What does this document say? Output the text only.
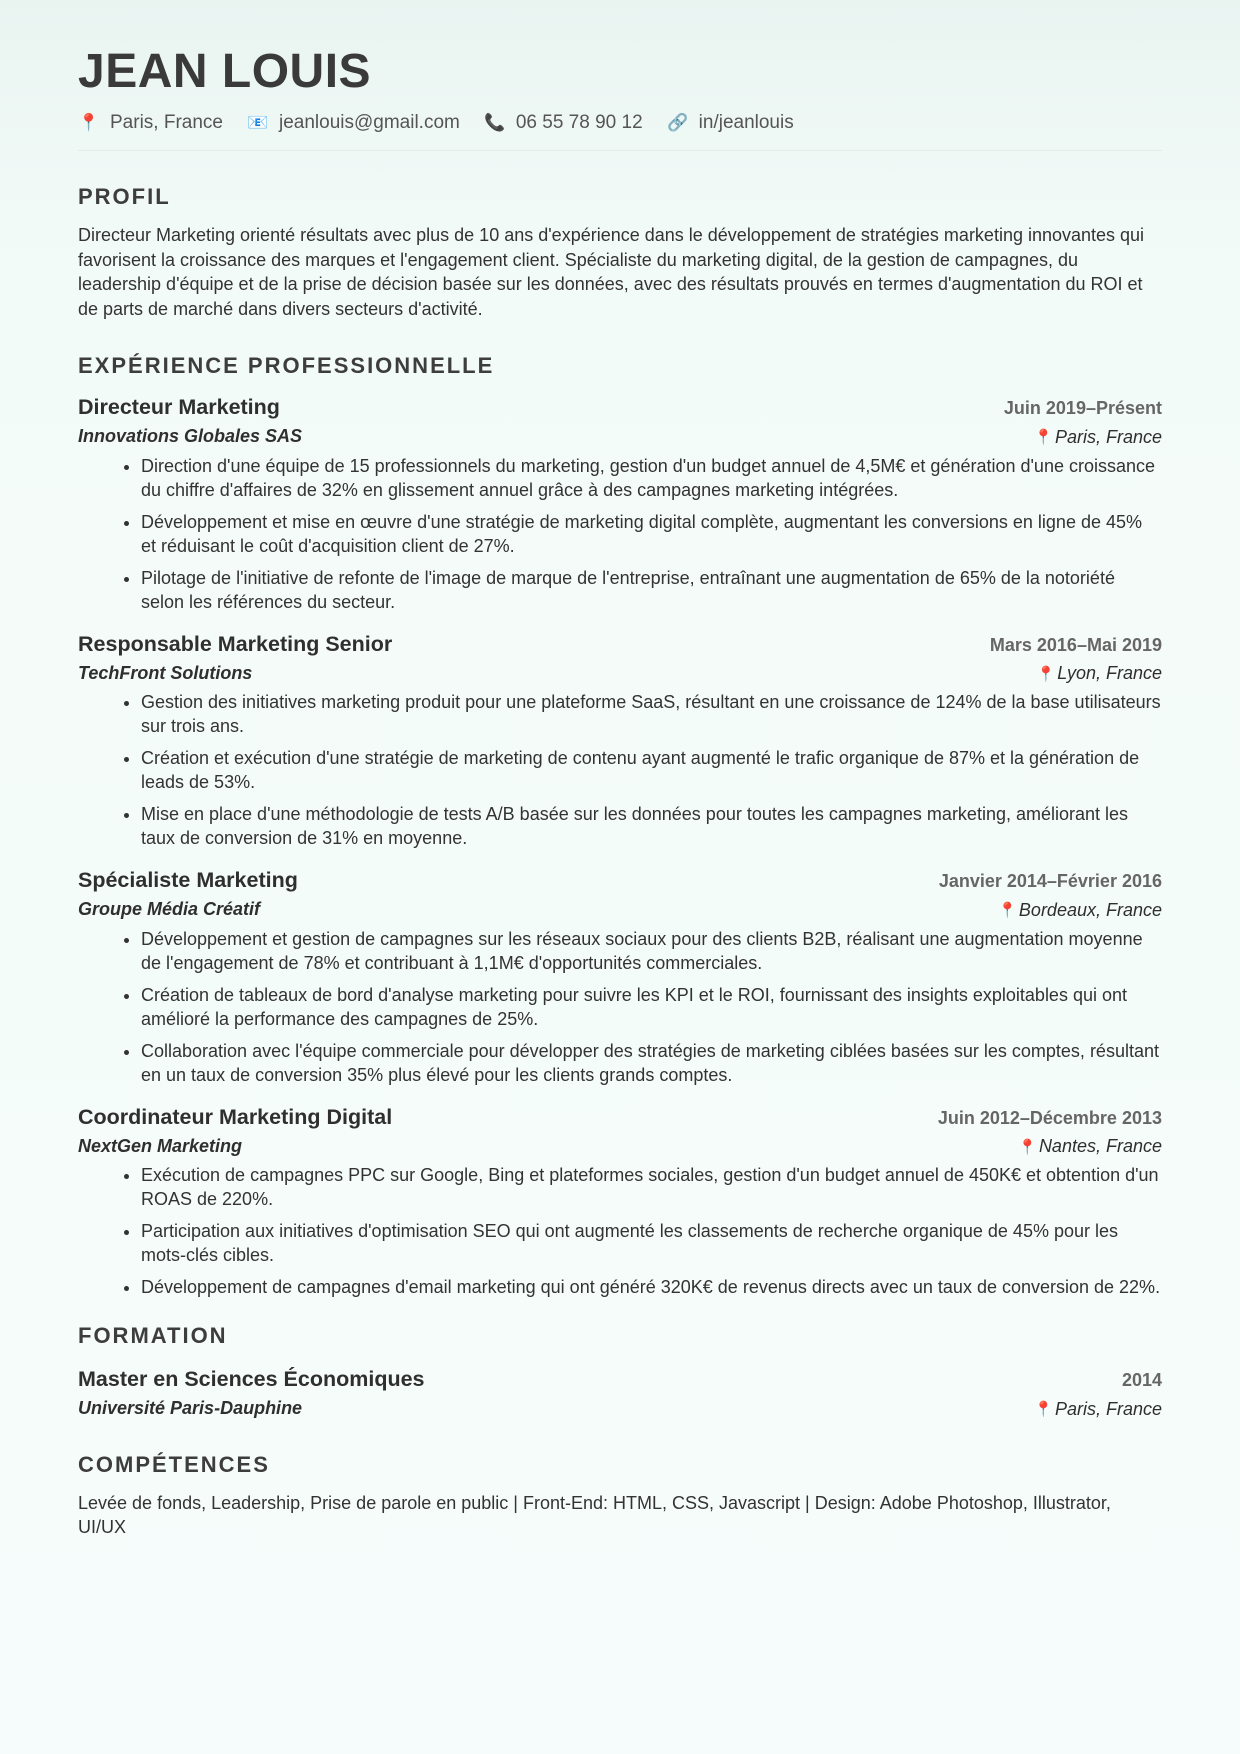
JEAN LOUIS
📍 Paris, France 📧 jeanlouis@gmail.com 📞 06 55 78 90 12 🔗 in/jeanlouis
PROFIL
Directeur Marketing orienté résultats avec plus de 10 ans d'expérience dans le développement de stratégies marketing innovantes qui favorisent la croissance des marques et l'engagement client. Spécialiste du marketing digital, de la gestion de campagnes, du leadership d'équipe et de la prise de décision basée sur les données, avec des résultats prouvés en termes d'augmentation du ROI et de parts de marché dans divers secteurs d'activité.
EXPÉRIENCE PROFESSIONNELLE
Directeur Marketing	Juin 2019–Présent
Innovations Globales SAS	📍 Paris, France
• Direction d'une équipe de 15 professionnels du marketing, gestion d'un budget annuel de 4,5M€ et génération d'une croissance du chiffre d'affaires de 32% en glissement annuel grâce à des campagnes marketing intégrées.
• Développement et mise en œuvre d'une stratégie de marketing digital complète, augmentant les conversions en ligne de 45% et réduisant le coût d'acquisition client de 27%.
• Pilotage de l'initiative de refonte de l'image de marque de l'entreprise, entraînant une augmentation de 65% de la notoriété selon les références du secteur.
Responsable Marketing Senior	Mars 2016–Mai 2019
TechFront Solutions	📍 Lyon, France
• Gestion des initiatives marketing produit pour une plateforme SaaS, résultant en une croissance de 124% de la base utilisateurs sur trois ans.
• Création et exécution d'une stratégie de marketing de contenu ayant augmenté le trafic organique de 87% et la génération de leads de 53%.
• Mise en place d'une méthodologie de tests A/B basée sur les données pour toutes les campagnes marketing, améliorant les taux de conversion de 31% en moyenne.
Spécialiste Marketing	Janvier 2014–Février 2016
Groupe Média Créatif	📍 Bordeaux, France
• Développement et gestion de campagnes sur les réseaux sociaux pour des clients B2B, réalisant une augmentation moyenne de l'engagement de 78% et contribuant à 1,1M€ d'opportunités commerciales.
• Création de tableaux de bord d'analyse marketing pour suivre les KPI et le ROI, fournissant des insights exploitables qui ont amélioré la performance des campagnes de 25%.
• Collaboration avec l'équipe commerciale pour développer des stratégies de marketing ciblées basées sur les comptes, résultant en un taux de conversion 35% plus élevé pour les clients grands comptes.
Coordinateur Marketing Digital	Juin 2012–Décembre 2013
NextGen Marketing	📍 Nantes, France
• Exécution de campagnes PPC sur Google, Bing et plateformes sociales, gestion d'un budget annuel de 450K€ et obtention d'un ROAS de 220%.
• Participation aux initiatives d'optimisation SEO qui ont augmenté les classements de recherche organique de 45% pour les mots-clés cibles.
• Développement de campagnes d'email marketing qui ont généré 320K€ de revenus directs avec un taux de conversion de 22%.
FORMATION
Master en Sciences Économiques	2014
Université Paris-Dauphine	📍 Paris, France
COMPÉTENCES
Levée de fonds, Leadership, Prise de parole en public | Front-End: HTML, CSS, Javascript | Design: Adobe Photoshop, Illustrator, UI/UX
